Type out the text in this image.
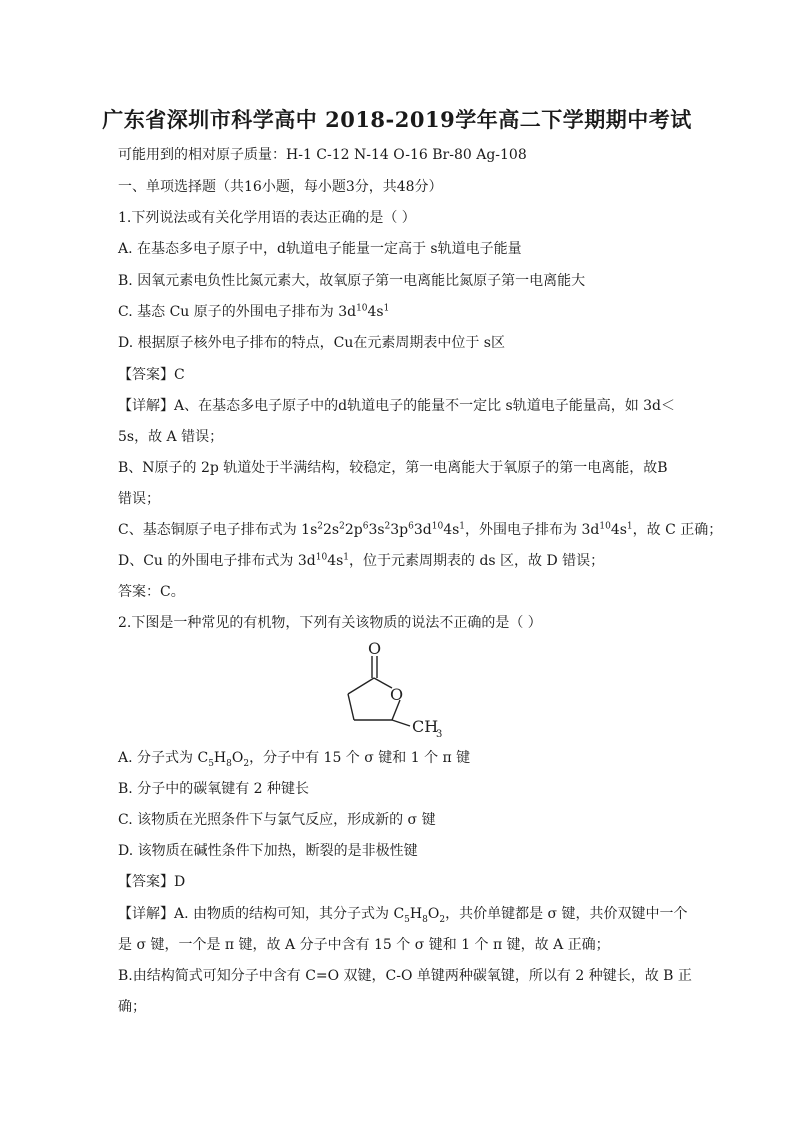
广东省深圳市科学高中 2018-2019学年高二下学期期中考试
可能用到的相对原子质量：H-1 C-12 N-14 O-16 Br-80 Ag-108
一、单项选择题（共16小题，每小题3分，共48分）
1.下列说法或有关化学用语的表达正确的是（ ）
A. 在基态多电子原子中，d轨道电子能量一定高于 s轨道电子能量
B. 因氧元素电负性比氮元素大，故氧原子第一电离能比氮原子第一电离能大
C. 基态 Cu 原子的外围电子排布为 $3d^{10}4s^1$
D. 根据原子核外电子排布的特点，Cu在元素周期表中位于 s区
【答案】C
【详解】A、在基态多电子原子中的d轨道电子的能量不一定比 s轨道电子能量高，如 3d＜
5s，故 A 错误；
B、N原子的 2p 轨道处于半满结构，较稳定，第一电离能大于氧原子的第一电离能，故B
错误；
C、基态铜原子电子排布式为 $1s^22s^22p^63s^23p^63d^{10}4s^1$，外围电子排布为 $3d^{10}4s^1$，故 C 正确；
D、Cu 的外围电子排布式为 $3d^{10}4s^1$，位于元素周期表的 ds 区，故 D 错误；
答案：C。
2.下图是一种常见的有机物，下列有关该物质的说法不正确的是（ ）
O
O
CH
3
A. 分子式为 $C_5H_8O_2$，分子中有 15 个 σ 键和 1 个 π 键
B. 分子中的碳氧键有 2 种键长
C. 该物质在光照条件下与氯气反应，形成新的 σ 键
D. 该物质在碱性条件下加热，断裂的是非极性键
【答案】D
【详解】A. 由物质的结构可知，其分子式为 $C_5H_8O_2$，共价单键都是 σ 键，共价双键中一个
是 σ 键，一个是 π 键，故 A 分子中含有 15 个 σ 键和 1 个 π 键，故 A 正确；
B.由结构简式可知分子中含有 C=O 双键，C-O 单键两种碳氧键，所以有 2 种键长，故 B 正
确；
